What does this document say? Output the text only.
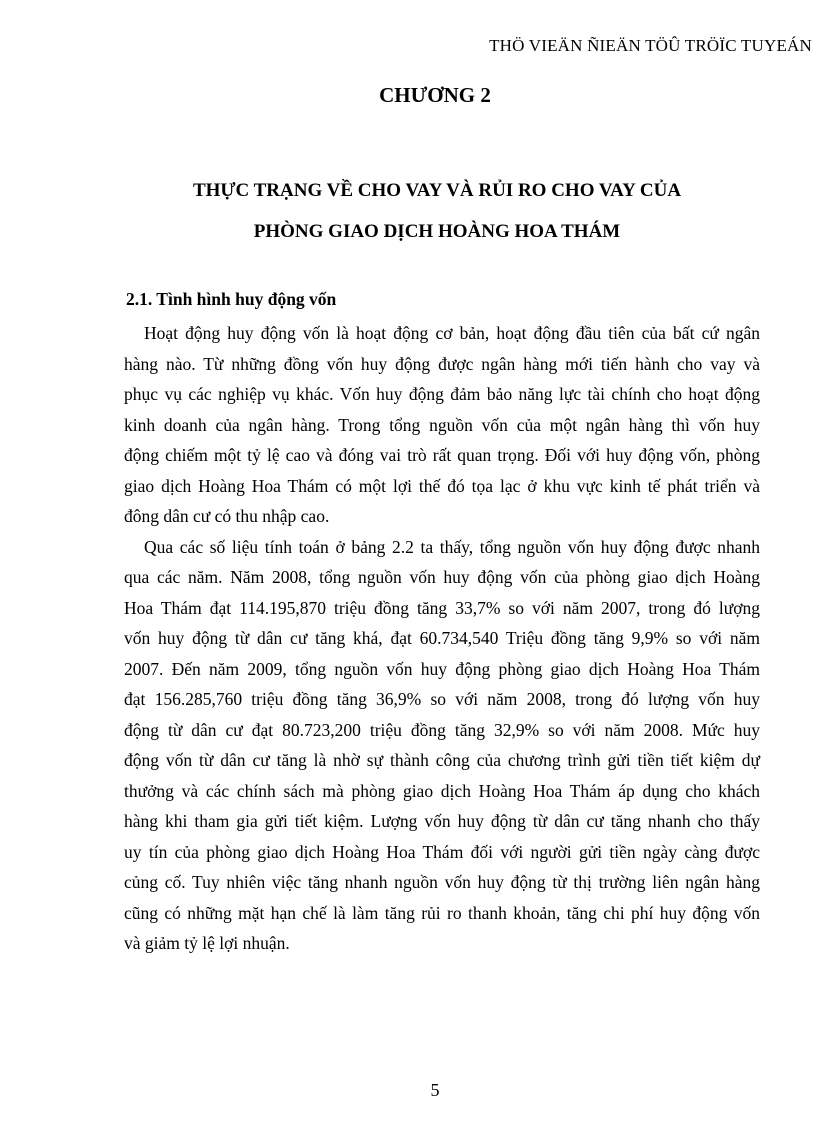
THÖ VIEÄN ÑIEÄN TÖÛ TRÖÏC TUYEÁN
CHƯƠNG 2
THỰC TRẠNG VỀ CHO VAY VÀ RỦI RO CHO VAY CỦA
PHÒNG GIAO DỊCH HOÀNG HOA THÁM
2.1. Tình hình huy động vốn
Hoạt động huy động vốn là hoạt động cơ bản, hoạt động đầu tiên của bất cứ ngân
hàng nào. Từ những đồng vốn huy động được ngân hàng mới tiến hành cho vay và
phục vụ các nghiệp vụ khác. Vốn huy động đảm bảo năng lực tài chính cho hoạt động
kinh doanh của ngân hàng. Trong tổng nguồn vốn của một ngân hàng thì vốn huy
động chiếm một tỷ lệ cao và đóng vai trò rất quan trọng. Đối với huy động vốn, phòng
giao dịch Hoàng Hoa Thám có một lợi thế đó tọa lạc ở khu vực kinh tế phát triển và
đông dân cư có thu nhập cao.
Qua các số liệu tính toán ở bảng 2.2 ta thấy, tổng nguồn vốn huy động được nhanh
qua các năm. Năm 2008, tổng nguồn vốn huy động vốn của phòng giao dịch Hoàng
Hoa Thám đạt 114.195,870 triệu đồng tăng 33,7% so với năm 2007, trong đó lượng
vốn huy động từ dân cư tăng khá, đạt 60.734,540 Triệu đồng tăng 9,9% so với năm
2007. Đến năm 2009, tổng nguồn vốn huy động phòng giao dịch Hoàng Hoa Thám
đạt 156.285,760 triệu đồng tăng 36,9% so với năm 2008, trong đó lượng vốn huy
động từ dân cư đạt 80.723,200 triệu đồng tăng 32,9% so với năm 2008. Mức huy
động vốn từ dân cư tăng là nhờ sự thành công của chương trình gửi tiền tiết kiệm dự
thưởng và các chính sách mà phòng giao dịch Hoàng Hoa Thám áp dụng cho khách
hàng khi tham gia gửi tiết kiệm. Lượng vốn huy động từ dân cư tăng nhanh cho thấy
uy tín của phòng giao dịch Hoàng Hoa Thám đối với người gửi tiền ngày càng được
củng cố. Tuy nhiên việc tăng nhanh nguồn vốn huy động từ thị trường liên ngân hàng
cũng có những mặt hạn chế là làm tăng rủi ro thanh khoản, tăng chi phí huy động vốn
và giảm tỷ lệ lợi nhuận.
5
